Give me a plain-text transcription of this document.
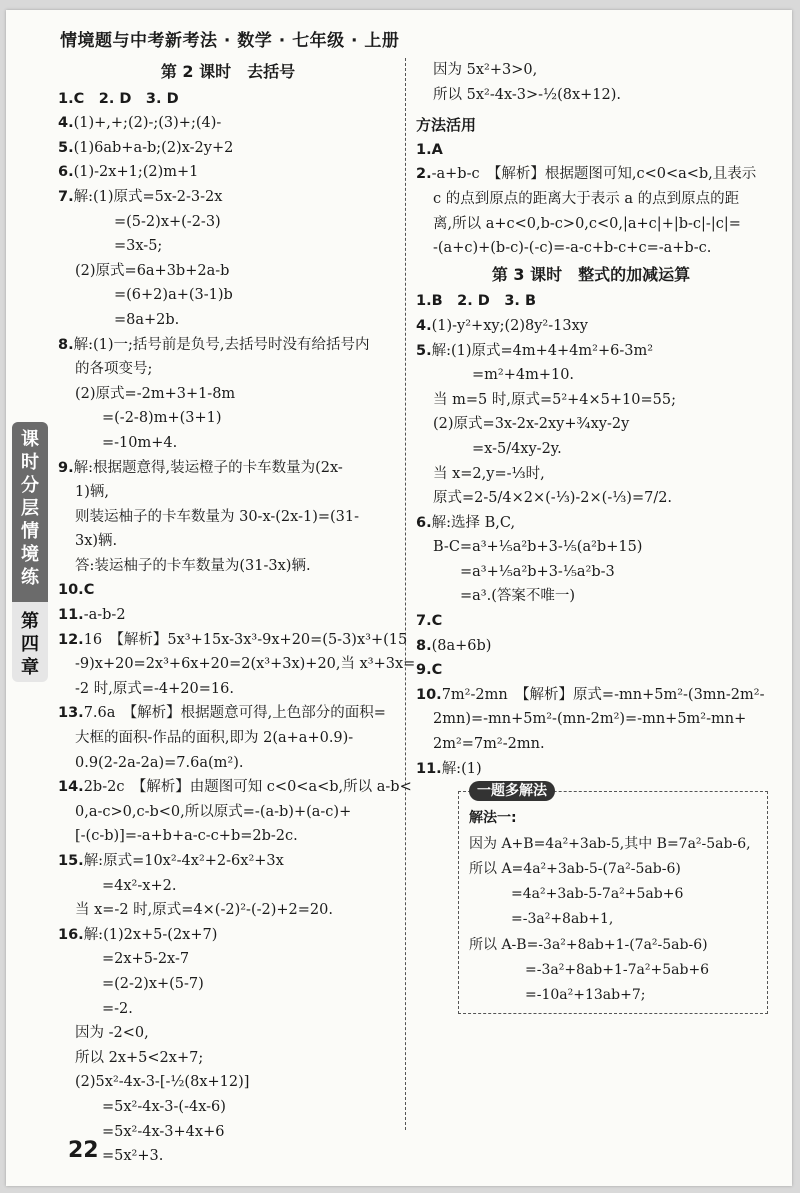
情境题与中考新考法 · 数学 · 七年级 · 上册
课
时
分
层
情
境
练
第
四
章
第 2 课时　去括号
1.C　2. D　3. D
4.(1)+,+;(2)-;(3)+;(4)-
5.(1)6ab+a-b;(2)x-2y+2
6.(1)-2x+1;(2)m+1
7.解:(1)原式=5x-2-3-2x
=(5-2)x+(-2-3)
=3x-5;
(2)原式=6a+3b+2a-b
=(6+2)a+(3-1)b
=8a+2b.
8.解:(1)一;括号前是负号,去括号时没有给括号内
的各项变号;
(2)原式=-2m+3+1-8m
=(-2-8)m+(3+1)
=-10m+4.
9.解:根据题意得,装运橙子的卡车数量为(2x-
1)辆,
则装运柚子的卡车数量为 30-x-(2x-1)=(31-
3x)辆.
答:装运柚子的卡车数量为(31-3x)辆.
10.C
11.-a-b-2
12.16　【解析】5x³+15x-3x³-9x+20=(5-3)x³+(15
-9)x+20=2x³+6x+20=2(x³+3x)+20,当 x³+3x=
-2 时,原式=-4+20=16.
13.7.6a　【解析】根据题意可得,上色部分的面积=
大框的面积-作品的面积,即为 2(a+a+0.9)-
0.9(2-2a-2a)=7.6a(m²).
14.2b-2c　【解析】由题图可知 c<0<a<b,所以 a-b<
0,a-c>0,c-b<0,所以原式=-(a-b)+(a-c)+
[-(c-b)]=-a+b+a-c-c+b=2b-2c.
15.解:原式=10x²-4x²+2-6x²+3x
=4x²-x+2.
当 x=-2 时,原式=4×(-2)²-(-2)+2=20.
16.解:(1)2x+5-(2x+7)
=2x+5-2x-7
=(2-2)x+(5-7)
=-2.
因为 -2<0,
所以 2x+5<2x+7;
(2)5x²-4x-3-[-½(8x+12)]
=5x²-4x-3-(-4x-6)
=5x²-4x-3+4x+6
=5x²+3.
因为 5x²+3>0,
所以 5x²-4x-3>-½(8x+12).
方法活用
1.A
2.-a+b-c　【解析】根据题图可知,c<0<a<b,且表示
c 的点到原点的距离大于表示 a 的点到原点的距
离,所以 a+c<0,b-c>0,c<0,|a+c|+|b-c|-|c|=
-(a+c)+(b-c)-(-c)=-a-c+b-c+c=-a+b-c.
第 3 课时　整式的加减运算
1.B　2. D　3. B
4.(1)-y²+xy;(2)8y²-13xy
5.解:(1)原式=4m+4+4m²+6-3m²
=m²+4m+10.
当 m=5 时,原式=5²+4×5+10=55;
(2)原式=3x-2x-2xy+¾xy-2y
=x-5/4xy-2y.
当 x=2,y=-⅓时,
原式=2-5/4×2×(-⅓)-2×(-⅓)=7/2.
6.解:选择 B,C,
B-C=a³+⅕a²b+3-⅕(a²b+15)
=a³+⅕a²b+3-⅕a²b-3
=a³.(答案不唯一)
7.C
8.(8a+6b)
9.C
10.7m²-2mn　【解析】原式=-mn+5m²-(3mn-2m²-
2mn)=-mn+5m²-(mn-2m²)=-mn+5m²-mn+
2m²=7m²-2mn.
11.解:(1)
一题多解法
解法一:
因为 A+B=4a²+3ab-5,其中 B=7a²-5ab-6,
所以 A=4a²+3ab-5-(7a²-5ab-6)
　　　=4a²+3ab-5-7a²+5ab+6
　　　=-3a²+8ab+1,
所以 A-B=-3a²+8ab+1-(7a²-5ab-6)
　　　　=-3a²+8ab+1-7a²+5ab+6
　　　　=-10a²+13ab+7;
22
